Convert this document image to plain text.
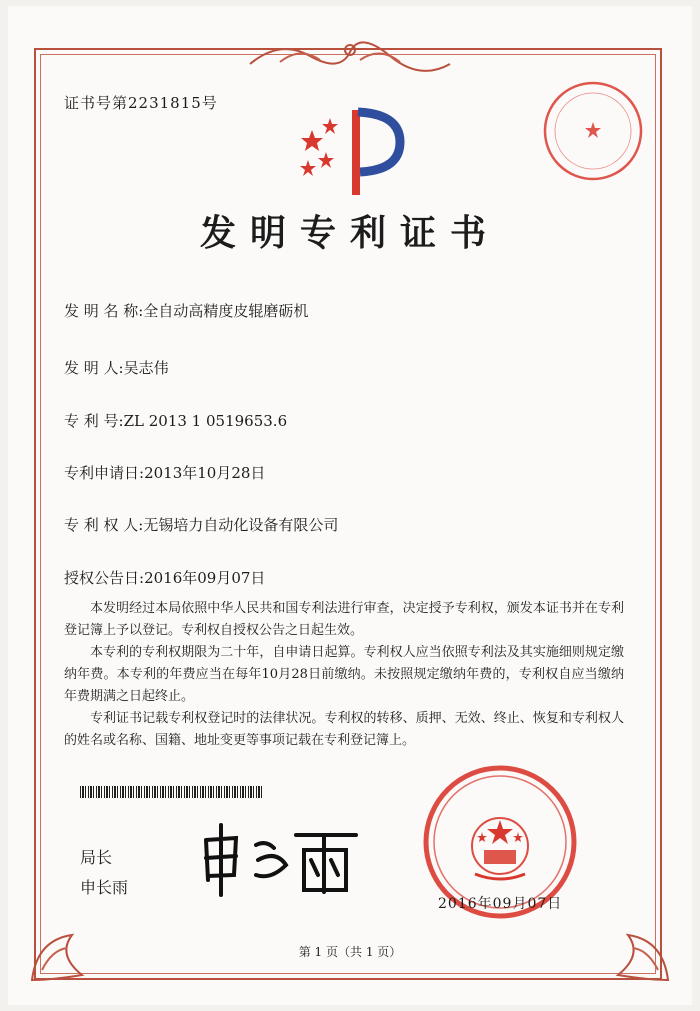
证书号第2231815号
发明专利证书
发 明 名 称:全自动高精度皮辊磨砺机
发 明 人:吴志伟
专 利 号:ZL 2013 1 0519653.6
专利申请日:2013年10月28日
专 利 权 人:无锡培力自动化设备有限公司
授权公告日:2016年09月07日

本发明经过本局依照中华人民共和国专利法进行审查，决定授予专利权，颁发本证书并在专利登记簿上予以登记。专利权自授权公告之日起生效。

本专利的专利权期限为二十年，自申请日起算。专利权人应当依照专利法及其实施细则规定缴纳年费。本专利的年费应当在每年10月28日前缴纳。未按照规定缴纳年费的，专利权自应当缴纳年费期满之日起终止。

专利证书记载专利权登记时的法律状况。专利权的转移、质押、无效、终止、恢复和专利权人的姓名或名称、国籍、地址变更等事项记载在专利登记簿上。

局长
申长雨
2016年09月07日
第 1 页（共 1 页）
